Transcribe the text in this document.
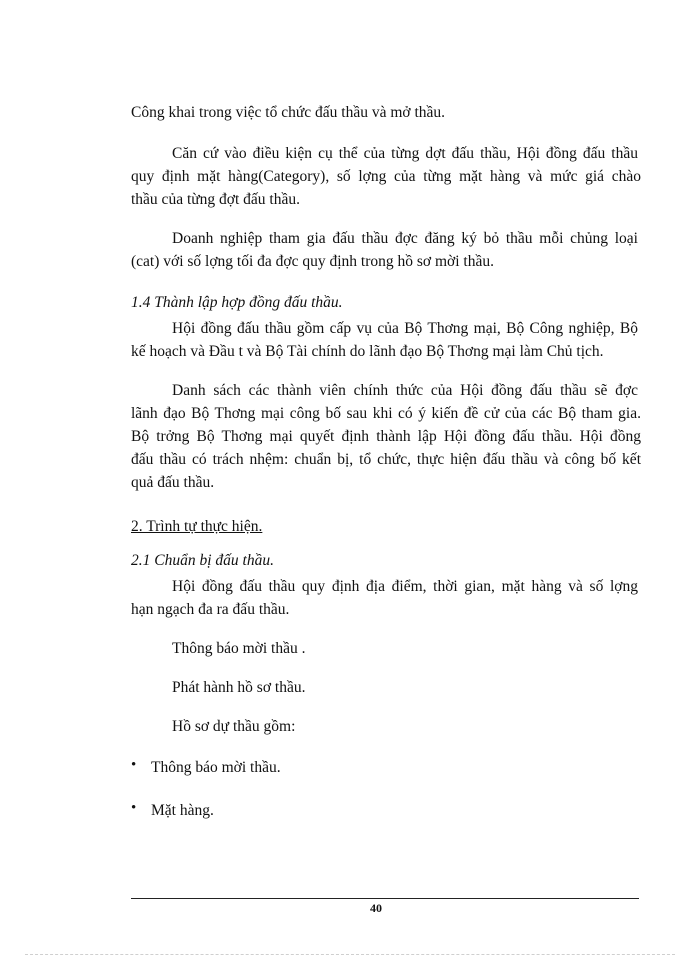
Công khai trong việc tổ chức đấu thầu và mở thầu.
Căn cứ vào điều kiện cụ thể của từng dợt đấu thầu, Hội đồng đấu thầu
quy định mặt hàng(Category), số lợng của từng mặt hàng và mức giá chào
thầu của từng đợt đấu thầu.
Doanh nghiệp tham gia đấu thầu đợc đăng ký bỏ thầu mỗi chủng loại
(cat) với số lợng tối đa đợc quy định trong hồ sơ mời thầu.
1.4 Thành lập hợp đồng đấu thầu.
Hội đồng đấu thầu gồm cấp vụ của Bộ Thơng mại, Bộ Công nghiệp, Bộ
kế hoạch và Đầu t và Bộ Tài chính do lãnh đạo Bộ Thơng mại làm Chủ tịch.
Danh sách các thành viên chính thức của Hội đồng đấu thầu sẽ đợc
lãnh đạo Bộ Thơng mại công bố sau khi có ý kiến đề cử của các Bộ tham gia.
Bộ trởng Bộ Thơng mại quyết định thành lập Hội đồng đấu thầu. Hội đồng
đấu thầu có trách nhệm: chuẩn bị, tổ chức, thực hiện đấu thầu và công bố kết
quả đấu thầu.
2. Trình tự thực hiện.
2.1 Chuẩn bị đấu thầu.
Hội đồng đấu thầu quy định địa điểm, thời gian, mặt hàng và số lợng
hạn ngạch đa ra đấu thầu.
Thông báo mời thầu .
Phát hành hồ sơ thầu.
Hồ sơ dự thầu gồm:
• Thông báo mời thầu.
• Mặt hàng.
40
